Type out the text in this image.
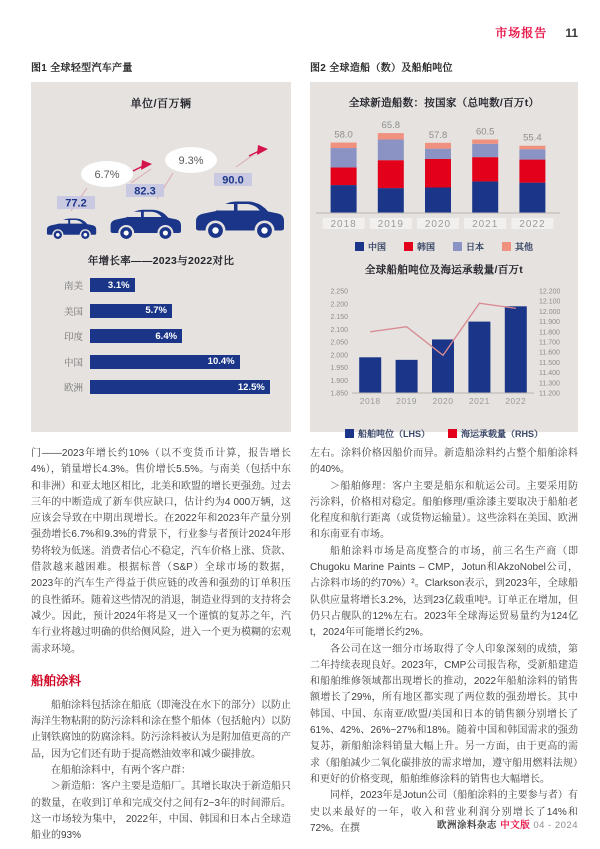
市场报告 11
图1 全球轻型汽车产量
单位/百万辆
77.2
82.3
90.0
6.7%
9.3%
年增长率——2023与2022对比
南美	3.1%
美国	5.7%
印度	6.4%
中国	10.4%
欧洲	12.5%
图2 全球造船（数）及船舶吨位
全球新造船数：按国家（总吨数/百万t）
58.0
2018
65.8
2019
57.8
2020
60.5
2021
55.4
2022
中国	韩国	日本	其他
全球船舶吨位及海运承载量/百万t
2.250
2.200
2.150
2.100
2.050
2.000
1.950
1.900
1.850
12.200
12.100
12.000
11.900
11.800
11.700
11.600
11.500
11.400
11.300
11.200
2018 2019 2020 2021 2022
船舶吨位（LHS）	海运承载量（RHS）

门——2023年增长约10%（以不变货币计算，报告增长4%），销量增长4.3%。售价增长5.5%。与南美（包括中东和非洲）和亚太地区相比，北美和欧盟的增长更强劲。过去三年的中断造成了新车供应缺口，估计约为4 000万辆，这应该会导致在中期出现增长。在2022年和2023年产量分别强劲增长6.7%和9.3%的背景下，行业参与者预计2024年形势将较为低迷。消费者信心不稳定，汽车价格上涨、贷款、借款越来越困难。根据标普（S&P）全球市场的数据，2023年的汽车生产得益于供应链的改善和强劲的订单积压的良性循环。随着这些情况的消退，制造业得到的支持将会减少。因此，预计2024年将是又一个谨慎的复苏之年，汽车行业将越过明确的供给侧风险，进入一个更为模糊的宏观需求环境。

船舶涂料

船舶涂料包括涂在船底（即淹没在水下的部分）以防止海洋生物粘附的防污涂料和涂在整个船体（包括舱内）以防止钢铁腐蚀的防腐涂料。防污涂料被认为是附加值更高的产品，因为它们还有助于提高燃油效率和减少碳排放。

在船舶涂料中，有两个客户群：

＞新造船：客户主要是造船厂。其增长取决于新造船只的数量，在收到订单和完成交付之间有2~3年的时间滞后。这一市场较为集中， 2022年，中国、韩国和日本占全球造船业的93%

左右。涂料价格因船价而异。新造船涂料约占整个船舶涂料的40%。

＞船舶修理：客户主要是船东和航运公司。主要采用防污涂料，价格相对稳定。船舶修理/重涂漆主要取决于船舶老化程度和航行距离（或货物运输量）。这些涂料在美国、欧洲和东南亚有市场。

船舶涂料市场是高度整合的市场，前三名生产商（即Chugoku Marine Paints – CMP，Jotun和AkzoNobel公司，占涂料市场的约70%）²。Clarkson表示，到2023年，全球船队供应量将增长3.2%，达到23亿载重吨³。订单正在增加，但仍只占舰队的12%左右。2023年全球海运贸易量约为124亿t，2024年可能增长约2%。

各公司在这一细分市场取得了令人印象深刻的成绩，第二年持续表现良好。2023年，CMP公司报告称，受新船建造和船舶维修领域都出现增长的推动，2022年船舶涂料的销售额增长了29%，所有地区都实现了两位数的强劲增长。其中 韩国、中国、东南亚/欧盟/美国和日本的销售额分别增长了61%、42%、26%~27%和18%。随着中国和韩国需求的强劲复苏，新船舶涂料销量大幅上升。另一方面，由于更高的需求（船舶减少二氧化碳排放的需求增加，遵守船用燃料法规）和更好的价格变现，船舶维修涂料的销售也大幅增长。

同样，2023年是Jotun公司（船舶涂料的主要参与者）有史以来最好的一年，收入和营业利润分别增长了14%和72%。在撰	欧洲涂料杂志 中文版 04 - 2024
